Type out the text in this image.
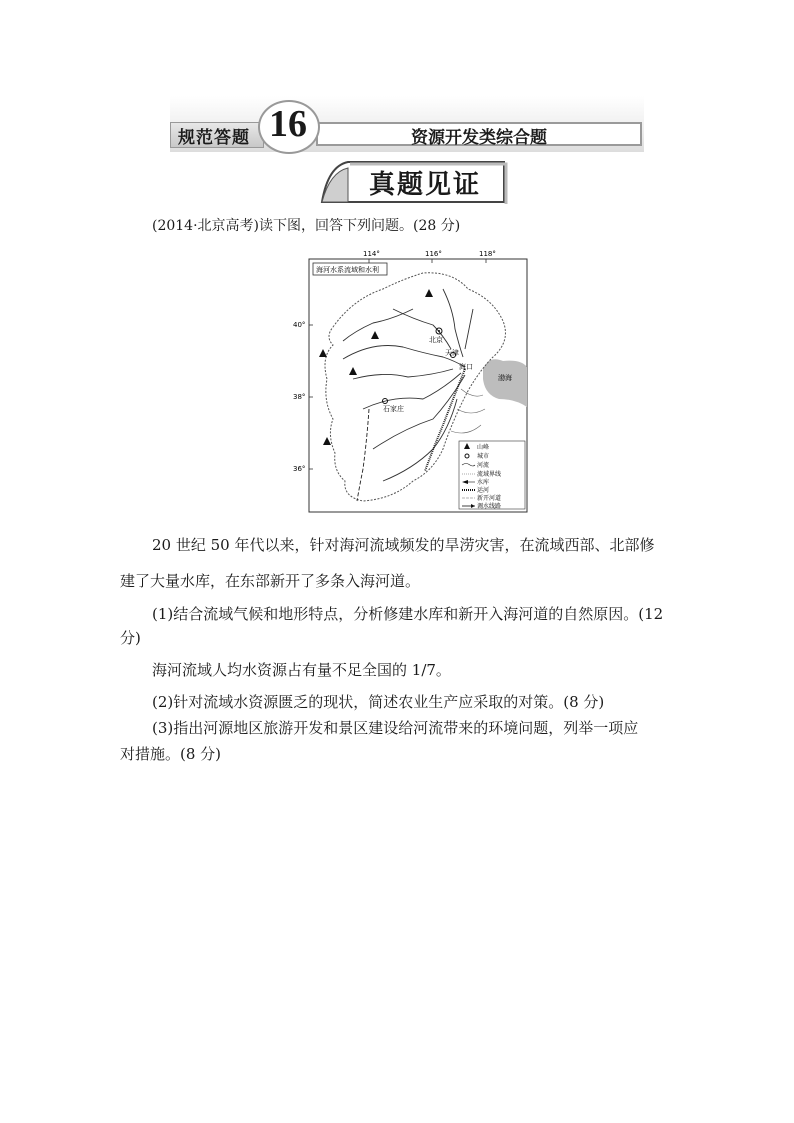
规范答题	资源开发类综合题
16
真题见证
(2014·北京高考)读下图，回答下列问题。(28 分)
114°	116°	118°
40°
38°
36°
海河水系流域和水利
渤海
北京
天津
石家庄
海口
山峰
城市
河流
流域界线
水库
运河
新开河道
调水线路
20 世纪 50 年代以来，针对海河流域频发的旱涝灾害，在流域西部、北部修
建了大量水库，在东部新开了多条入海河道。
(1)结合流域气候和地形特点，分析修建水库和新开入海河道的自然原因。(12
分)
海河流域人均水资源占有量不足全国的 1/7。
(2)针对流域水资源匮乏的现状，简述农业生产应采取的对策。(8 分)
(3)指出河源地区旅游开发和景区建设给河流带来的环境问题，列举一项应
对措施。(8 分)
